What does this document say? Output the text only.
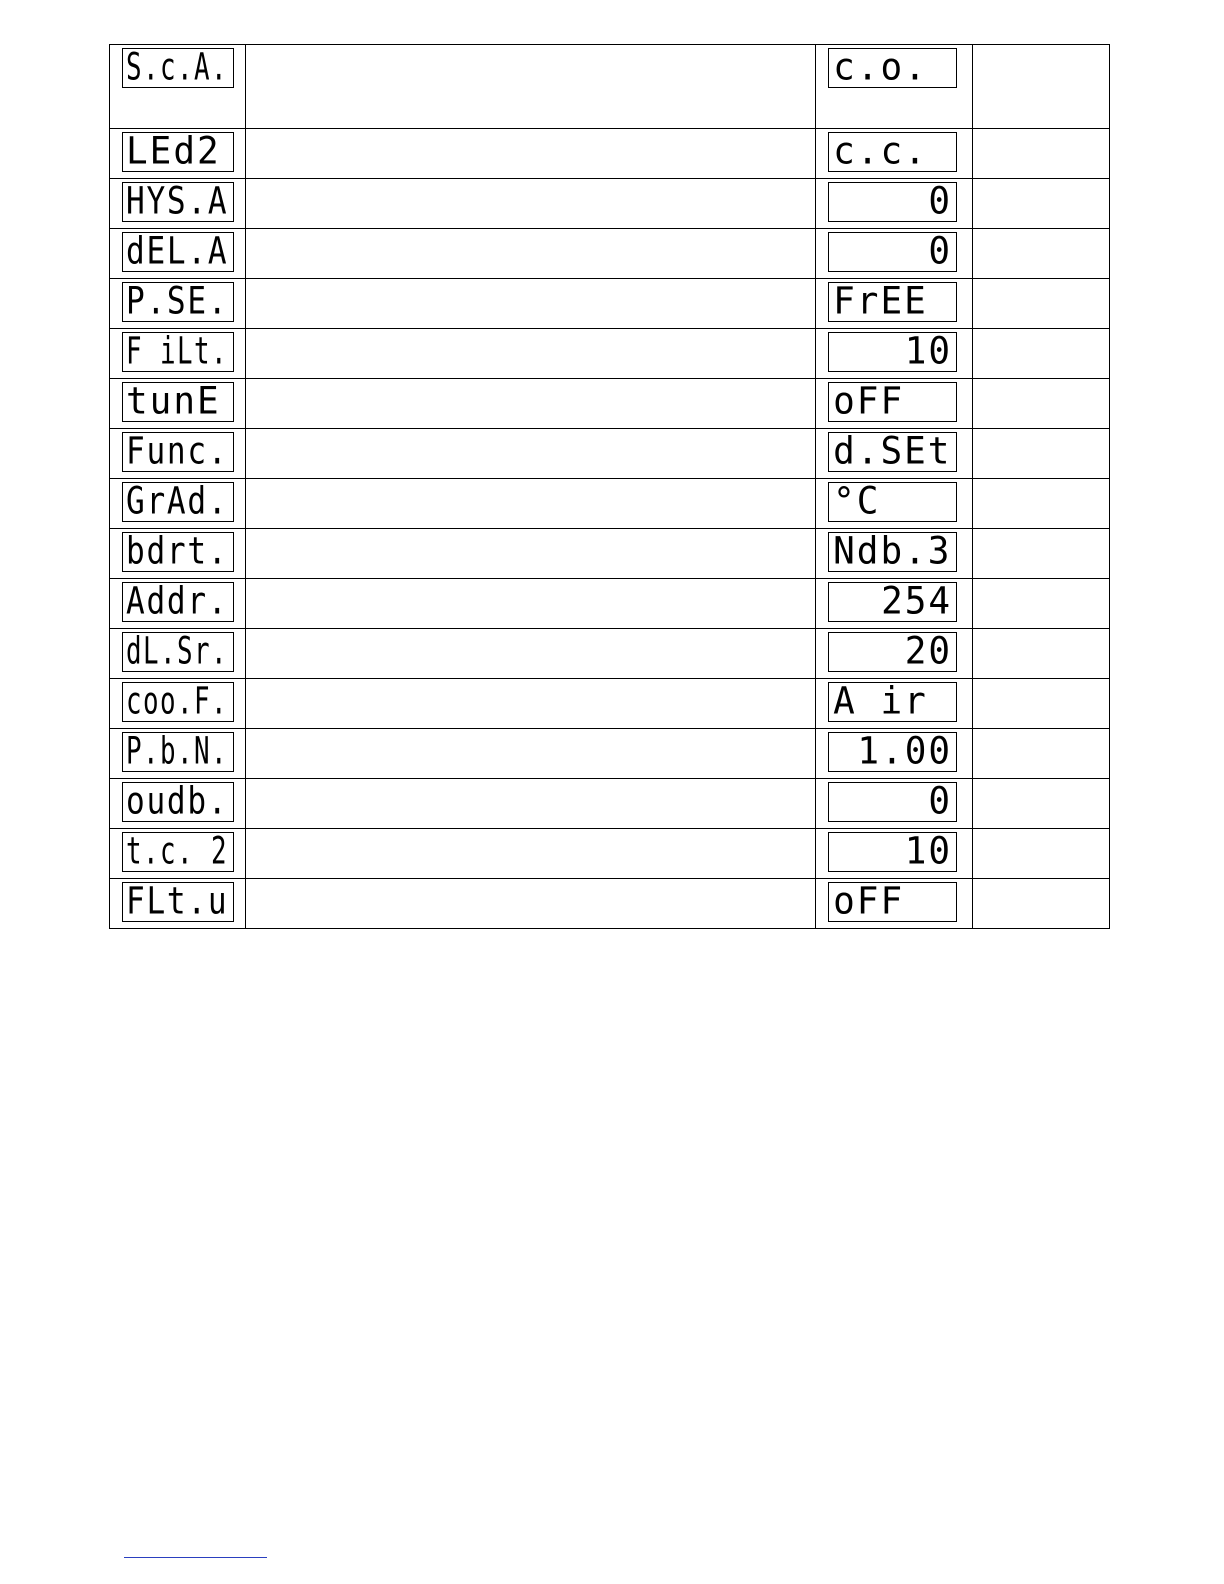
S.c.A.		c.o.	

LEd2		c.c.	

HYS.A		0	

dEL.A		0	

P.SE.		FrEE	

F iLt.		10	

tunE		oFF	

Func.		d.SEt	

GrAd.		°C	

bdrt.		Ndb.3	

Addr.		254	

dL.Sr.		20	

coo.F.		A ir	

P.b.N.		1.00	

oudb.		0	

t.c. 2		10	

FLt.u		oFF	
